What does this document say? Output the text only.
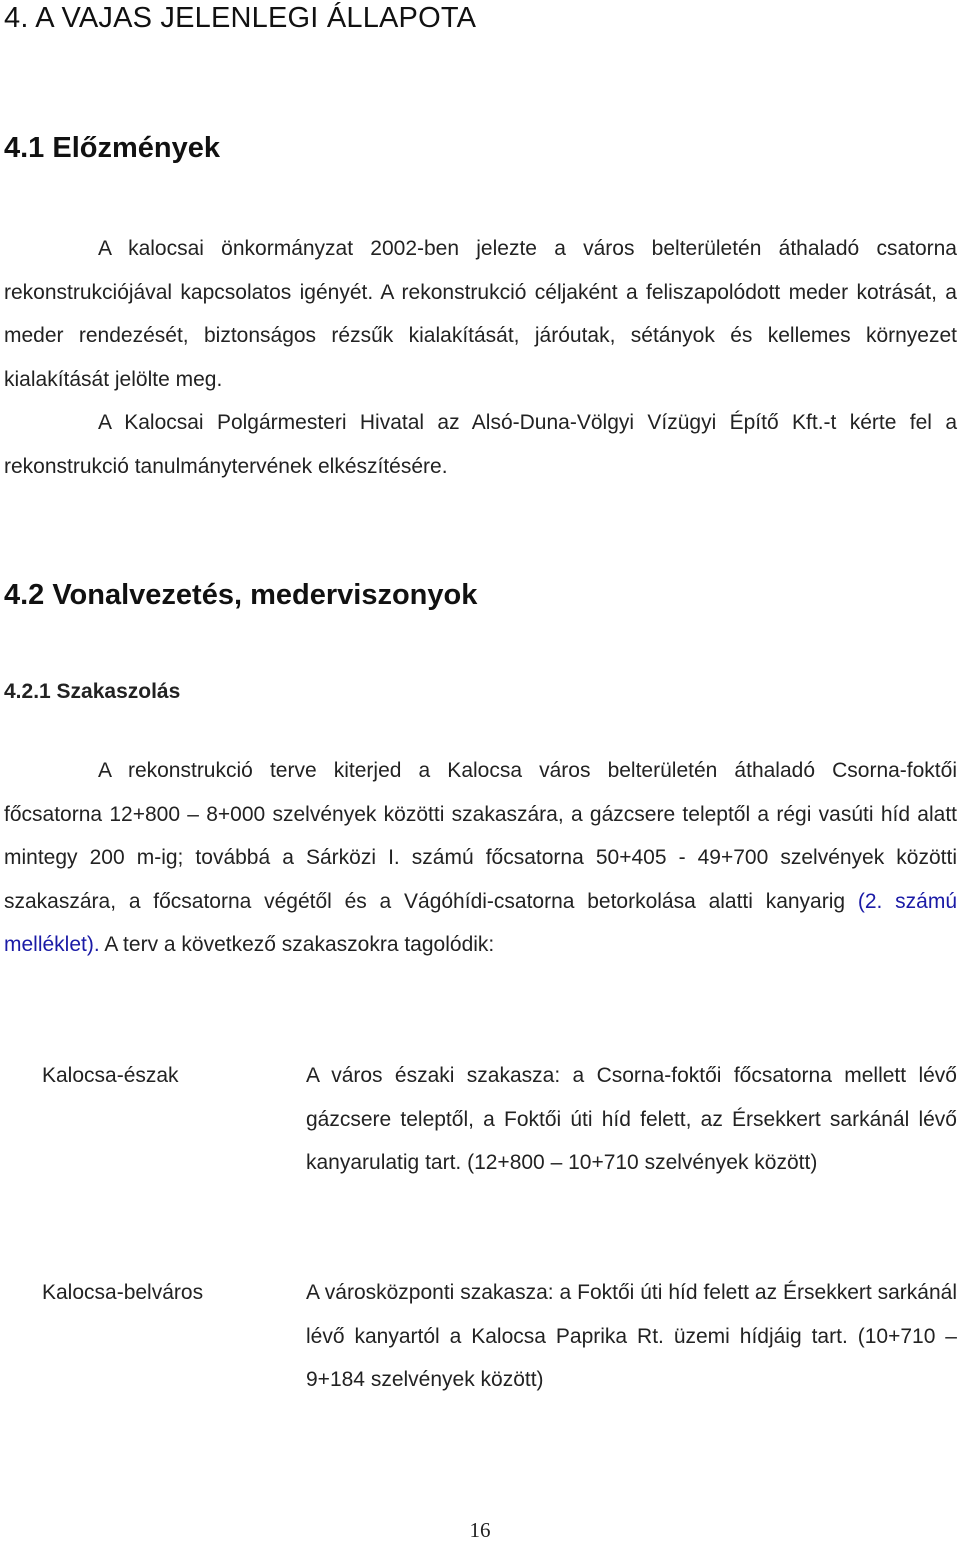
4. A VAJAS JELENLEGI ÁLLAPOTA
4.1 Előzmények

A kalocsai önkormányzat 2002-ben jelezte a város belterületén áthaladó csatorna rekonstrukciójával kapcsolatos igényét. A rekonstrukció céljaként a feliszapolódott meder kotrását, a meder rendezését, biztonságos rézsűk kialakítását, járóutak, sétányok és kellemes környezet kialakítását jelölte meg.

A Kalocsai Polgármesteri Hivatal az Alsó-Duna-Völgyi Vízügyi Építő Kft.-t kérte fel a rekonstrukció tanulmánytervének elkészítésére.

4.2 Vonalvezetés, mederviszonyok
4.2.1 Szakaszolás

A rekonstrukció terve kiterjed a Kalocsa város belterületén áthaladó Csorna-foktői főcsatorna 12+800 – 8+000 szelvények közötti szakaszára, a gázcsere teleptől a régi vasúti híd alatt mintegy 200 m-ig; továbbá a Sárközi I. számú főcsatorna 50+405 - 49+700 szelvények közötti szakaszára, a főcsatorna végétől és a Vágóhídi-csatorna betorkolása alatti kanyarig (2. számú melléklet). A terv a következő szakaszokra tagolódik:

Kalocsa-észak	A város északi szakasza: a Csorna-foktői főcsatorna mellett lévő gázcsere teleptől, a Foktői úti híd felett, az Érsekkert sarkánál lévő kanyarulatig tart. (12+800 – 10+710 szelvények között)

Kalocsa-belváros	A városközponti szakasza: a Foktői úti híd felett az Érsekkert sarkánál lévő kanyartól a Kalocsa Paprika Rt. üzemi hídjáig tart. (10+710 – 9+184 szelvények között)

16
